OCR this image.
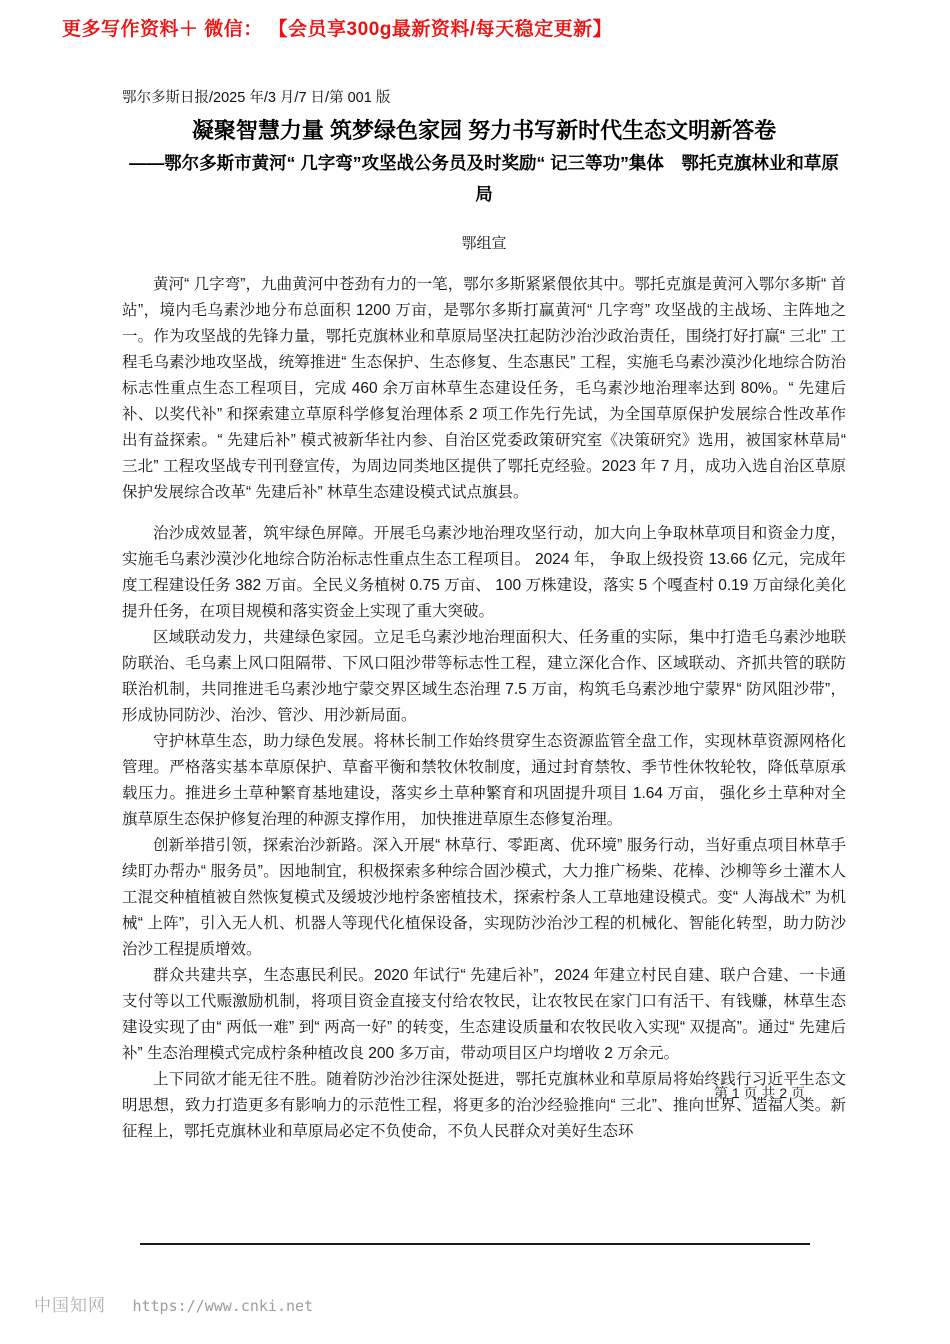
更多写作资料＋ 微信： 【会员享300g最新资料/每天稳定更新】
鄂尔多斯日报/2025 年/3 月/7 日/第 001 版
凝聚智慧力量 筑梦绿色家园 努力书写新时代生态文明新答卷
——鄂尔多斯市黄河“ 几字弯”攻坚战公务员及时奖励“ 记三等功”集体　鄂托克旗林业和草原局
鄂组宣

黄河“ 几字弯”，九曲黄河中苍劲有力的一笔，鄂尔多斯紧紧偎依其中。鄂托克旗是黄河入鄂尔多斯“ 首站”，境内毛乌素沙地分布总面积 1200 万亩，是鄂尔多斯打赢黄河“ 几字弯” 攻坚战的主战场、主阵地之一。作为攻坚战的先锋力量，鄂托克旗林业和草原局坚决扛起防沙治沙政治责任，围绕打好打赢“ 三北” 工程毛乌素沙地攻坚战，统筹推进“ 生态保护、生态修复、生态惠民” 工程，实施毛乌素沙漠沙化地综合防治标志性重点生态工程项目，完成 460 余万亩林草生态建设任务，毛乌素沙地治理率达到 80%。“ 先建后补、以奖代补” 和探索建立草原科学修复治理体系 2 项工作先行先试，为全国草原保护发展综合性改革作出有益探索。“ 先建后补” 模式被新华社内参、自治区党委政策研究室《决策研究》选用，被国家林草局“ 三北” 工程攻坚战专刊刊登宣传，为周边同类地区提供了鄂托克经验。2023 年 7 月，成功入选自治区草原保护发展综合改革“ 先建后补” 林草生态建设模式试点旗县。

治沙成效显著，筑牢绿色屏障。开展毛乌素沙地治理攻坚行动，加大向上争取林草项目和资金力度， 实施毛乌素沙漠沙化地综合防治标志性重点生态工程项目。 2024 年， 争取上级投资 13.66 亿元，完成年度工程建设任务 382 万亩。全民义务植树 0.75 万亩、 100 万株建设，落实 5 个嘎查村 0.19 万亩绿化美化提升任务，在项目规模和落实资金上实现了重大突破。

区域联动发力，共建绿色家园。立足毛乌素沙地治理面积大、任务重的实际，集中打造毛乌素沙地联防联治、毛乌素上风口阻隔带、下风口阻沙带等标志性工程，建立深化合作、区域联动、齐抓共管的联防联治机制，共同推进毛乌素沙地宁蒙交界区域生态治理 7.5 万亩，构筑毛乌素沙地宁蒙界“ 防风阻沙带”，形成协同防沙、治沙、管沙、用沙新局面。

守护林草生态，助力绿色发展。将林长制工作始终贯穿生态资源监管全盘工作，实现林草资源网格化管理。严格落实基本草原保护、草畜平衡和禁牧休牧制度，通过封育禁牧、季节性休牧轮牧，降低草原承载压力。推进乡土草种繁育基地建设，落实乡土草种繁育和巩固提升项目 1.64 万亩， 强化乡土草种对全旗草原生态保护修复治理的种源支撑作用， 加快推进草原生态修复治理。

创新举措引领，探索治沙新路。深入开展“ 林草行、零距离、优环境” 服务行动，当好重点项目林草手续盯办帮办“ 服务员”。因地制宜，积极探索多种综合固沙模式，大力推广杨柴、花棒、沙柳等乡土灌木人工混交种植植被自然恢复模式及缓坡沙地柠条密植技术，探索柠条人工草地建设模式。变“ 人海战术” 为机械“ 上阵”，引入无人机、机器人等现代化植保设备，实现防沙治沙工程的机械化、智能化转型，助力防沙治沙工程提质增效。

群众共建共享，生态惠民利民。2020 年试行“ 先建后补”，2024 年建立村民自建、联户合建、一卡通支付等以工代赈激励机制，将项目资金直接支付给农牧民，让农牧民在家门口有活干、有钱赚，林草生态建设实现了由“ 两低一难” 到“ 两高一好” 的转变，生态建设质量和农牧民收入实现“ 双提高”。通过“ 先建后补” 生态治理模式完成柠条种植改良 200 多万亩，带动项目区户均增收 2 万余元。

上下同欲才能无往不胜。随着防沙治沙往深处挺进，鄂托克旗林业和草原局将始终践行习近平生态文明思想，致力打造更多有影响力的示范性工程，将更多的治沙经验推向“ 三北”、推向世界、造福人类。新征程上，鄂托克旗林业和草原局必定不负使命，不负人民群众对美好生态环

第 1 页 共 2 页
中国知网 https://www.cnki.net
